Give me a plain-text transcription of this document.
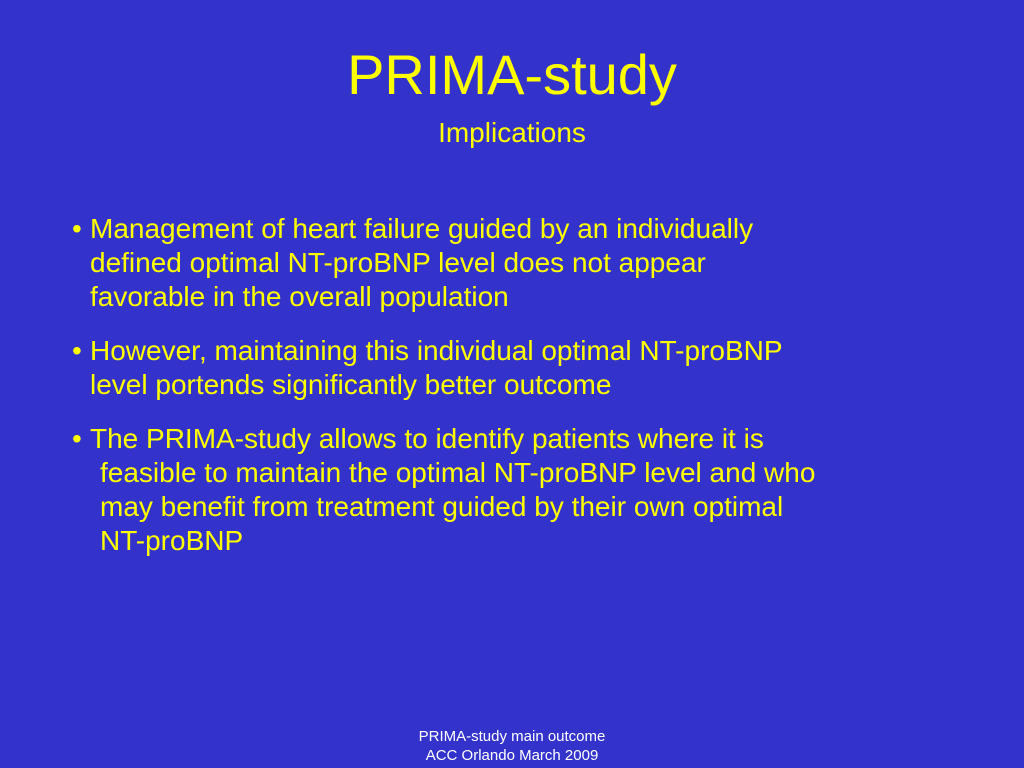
PRIMA-study
Implications
• Management of heart failure guided by an individually
defined optimal NT-proBNP level does not appear
favorable in the overall population
• However, maintaining this individual optimal NT-proBNP
level portends significantly better outcome
• The PRIMA-study allows to identify patients where it is
feasible to maintain the optimal NT-proBNP level and who
may benefit from treatment guided by their own optimal
NT-proBNP
PRIMA-study main outcome
ACC Orlando March 2009
